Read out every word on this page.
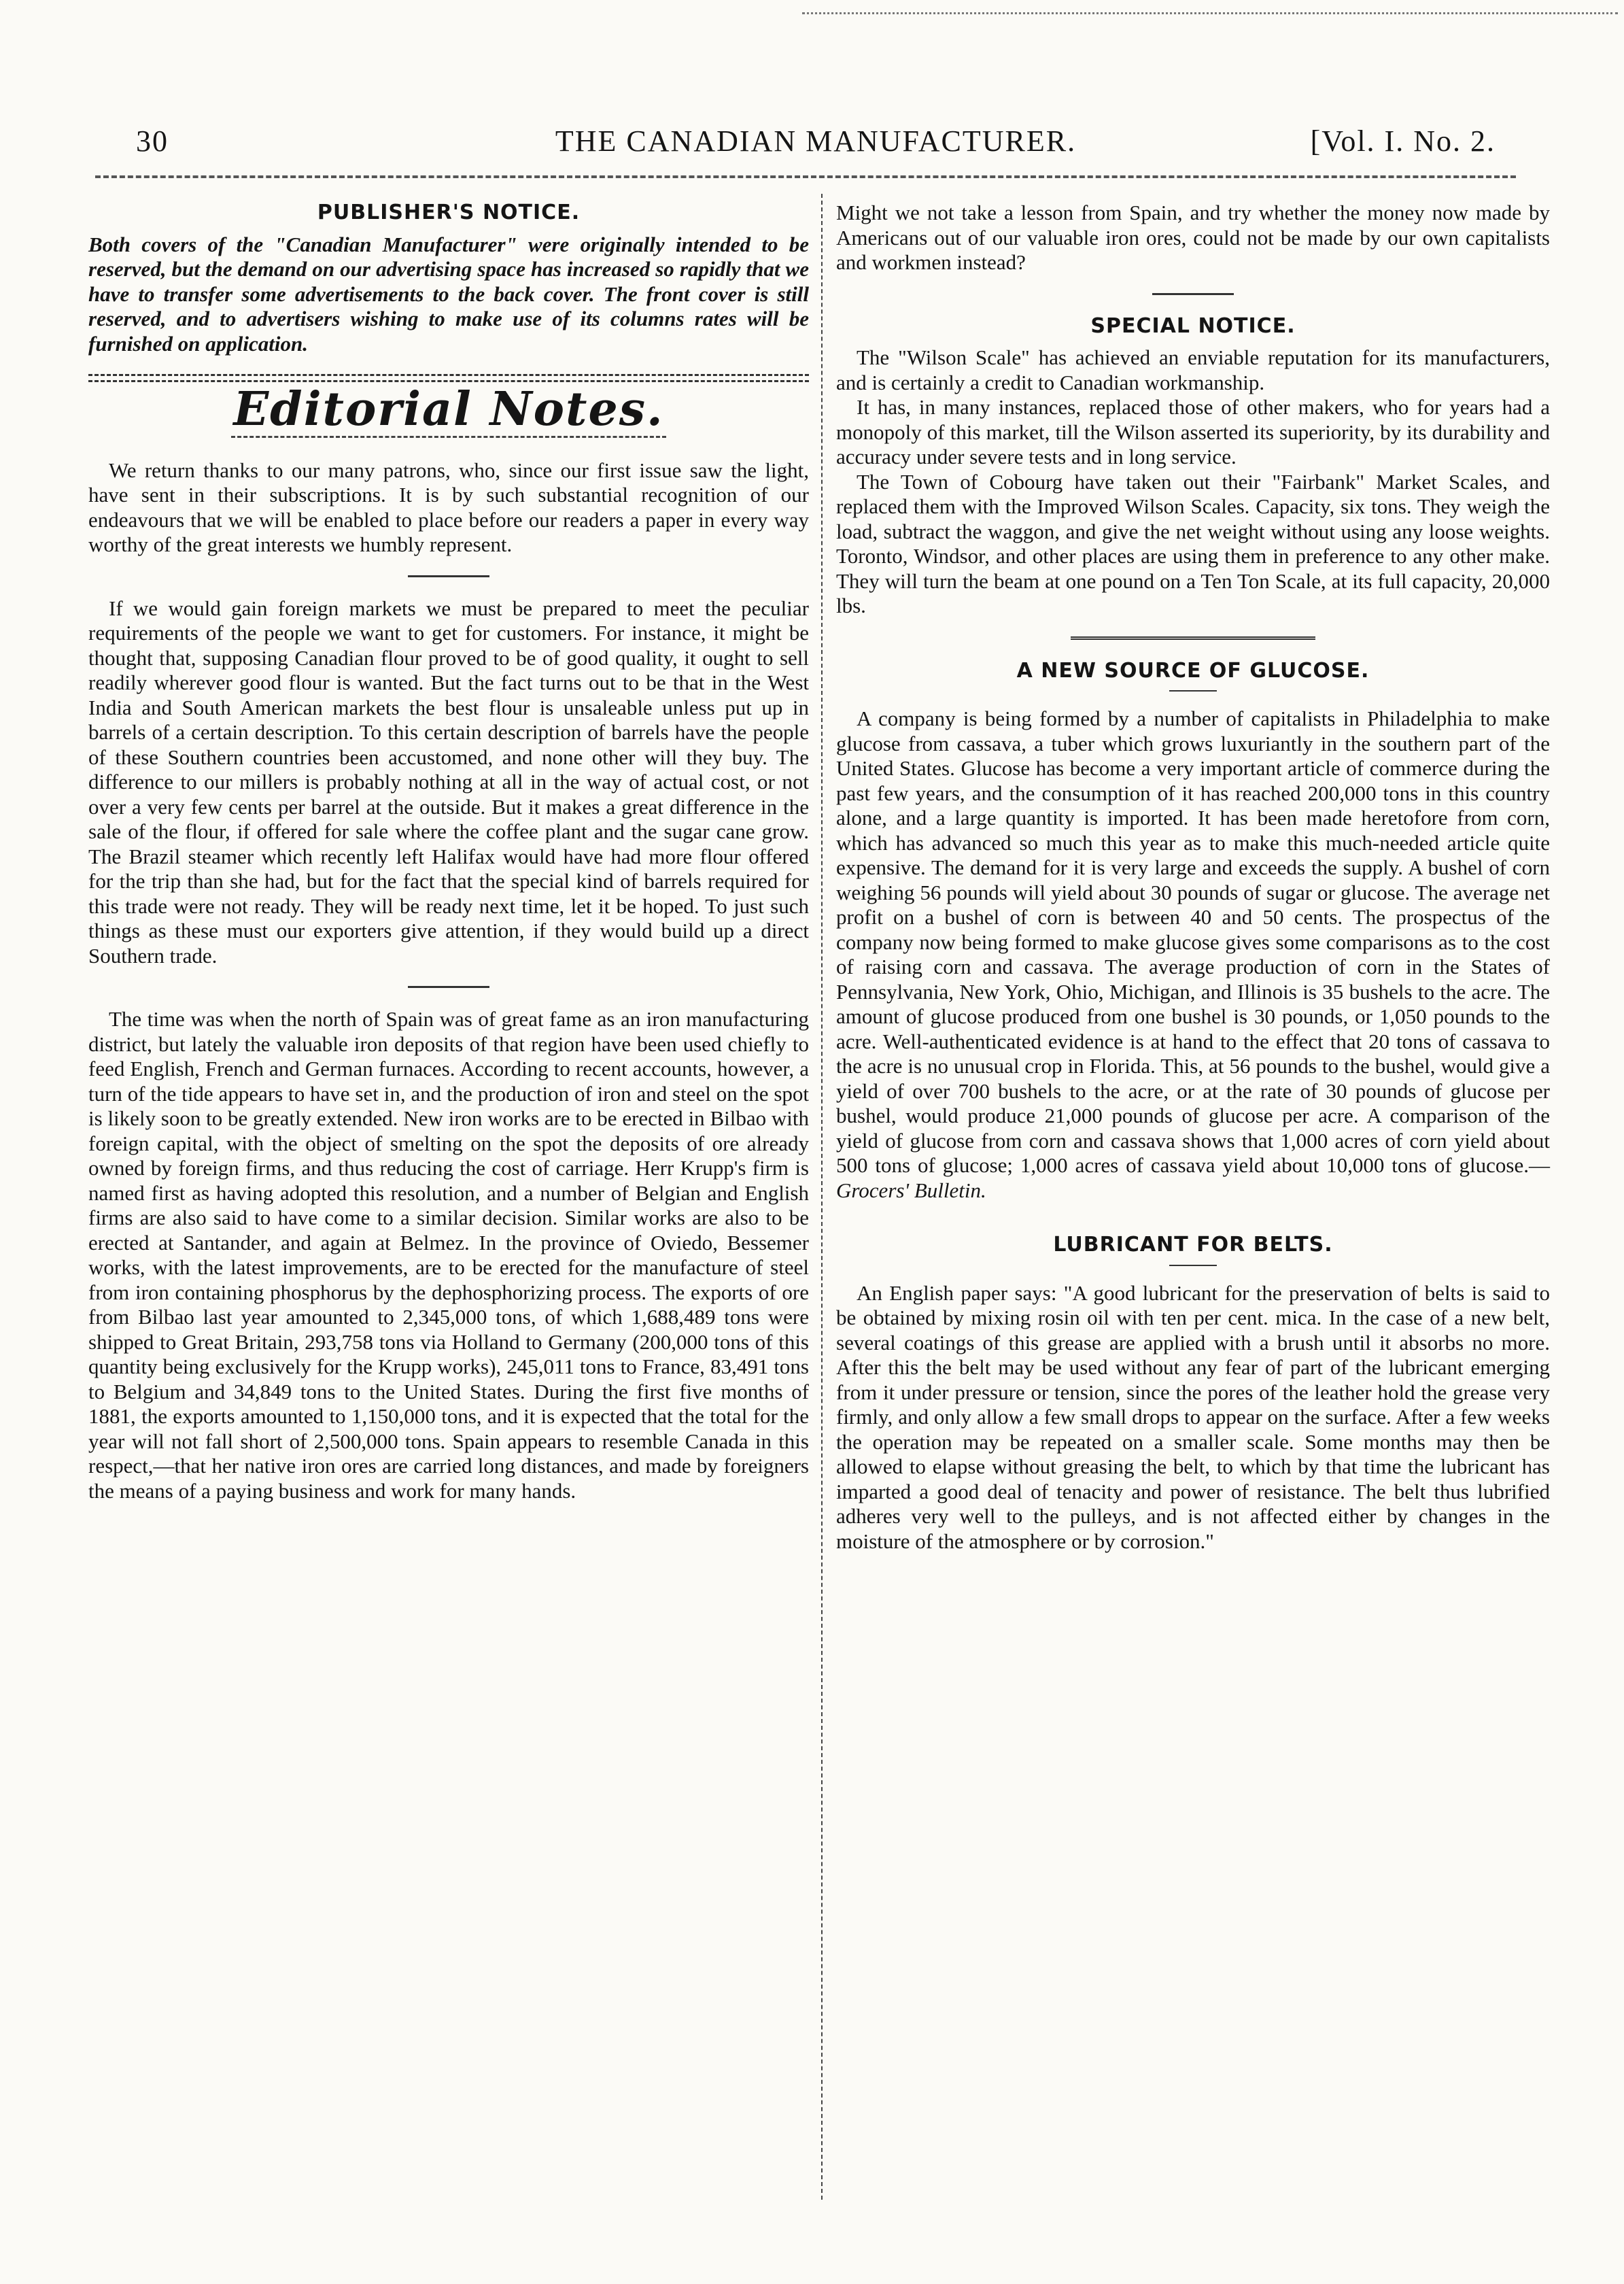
30	THE CANADIAN MANUFACTURER.	[Vol. I. No. 2.
PUBLISHER'S NOTICE.
Both covers of the "Canadian Manufacturer" were originally intended to be reserved, but the demand on our advertising space has increased so rapidly that we have to transfer some advertisements to the back cover. The front cover is still reserved, and to advertisers wishing to make use of its columns rates will be furnished on application.
Editorial Notes.

We return thanks to our many patrons, who, since our first issue saw the light, have sent in their subscriptions. It is by such substantial recognition of our endeavours that we will be enabled to place before our readers a paper in every way worthy of the great interests we humbly represent.

If we would gain foreign markets we must be prepared to meet the peculiar requirements of the people we want to get for customers. For instance, it might be thought that, supposing Canadian flour proved to be of good quality, it ought to sell readily wherever good flour is wanted. But the fact turns out to be that in the West India and South American markets the best flour is unsaleable unless put up in barrels of a certain description. To this certain description of barrels have the people of these Southern countries been accustomed, and none other will they buy. The difference to our millers is probably nothing at all in the way of actual cost, or not over a very few cents per barrel at the outside. But it makes a great difference in the sale of the flour, if offered for sale where the coffee plant and the sugar cane grow. The Brazil steamer which recently left Halifax would have had more flour offered for the trip than she had, but for the fact that the special kind of barrels required for this trade were not ready. They will be ready next time, let it be hoped. To just such things as these must our exporters give attention, if they would build up a direct Southern trade.

The time was when the north of Spain was of great fame as an iron manufacturing district, but lately the valuable iron deposits of that region have been used chiefly to feed English, French and German furnaces. According to recent accounts, however, a turn of the tide appears to have set in, and the production of iron and steel on the spot is likely soon to be greatly extended. New iron works are to be erected in Bilbao with foreign capital, with the object of smelting on the spot the deposits of ore already owned by foreign firms, and thus reducing the cost of carriage. Herr Krupp's firm is named first as having adopted this resolution, and a number of Belgian and English firms are also said to have come to a similar decision. Similar works are also to be erected at Santander, and again at Belmez. In the province of Oviedo, Bessemer works, with the latest improvements, are to be erected for the manufacture of steel from iron containing phosphorus by the dephosphorizing process. The exports of ore from Bilbao last year amounted to 2,345,000 tons, of which 1,688,489 tons were shipped to Great Britain, 293,758 tons via Holland to Germany (200,000 tons of this quantity being exclusively for the Krupp works), 245,011 tons to France, 83,491 tons to Belgium and 34,849 tons to the United States. During the first five months of 1881, the exports amounted to 1,150,000 tons, and it is expected that the total for the year will not fall short of 2,500,000 tons. Spain appears to resemble Canada in this respect,—that her native iron ores are carried long distances, and made by foreigners the means of a paying business and work for many hands.

Might we not take a lesson from Spain, and try whether the money now made by Americans out of our valuable iron ores, could not be made by our own capitalists and workmen instead?

SPECIAL NOTICE.

The "Wilson Scale" has achieved an enviable reputation for its manufacturers, and is certainly a credit to Canadian workmanship.

It has, in many instances, replaced those of other makers, who for years had a monopoly of this market, till the Wilson asserted its superiority, by its durability and accuracy under severe tests and in long service.

The Town of Cobourg have taken out their "Fairbank" Market Scales, and replaced them with the Improved Wilson Scales. Capacity, six tons. They weigh the load, subtract the waggon, and give the net weight without using any loose weights. Toronto, Windsor, and other places are using them in preference to any other make. They will turn the beam at one pound on a Ten Ton Scale, at its full capacity, 20,000 lbs.

A NEW SOURCE OF GLUCOSE.

A company is being formed by a number of capitalists in Philadelphia to make glucose from cassava, a tuber which grows luxuriantly in the southern part of the United States. Glucose has become a very important article of commerce during the past few years, and the consumption of it has reached 200,000 tons in this country alone, and a large quantity is imported. It has been made heretofore from corn, which has advanced so much this year as to make this much-needed article quite expensive. The demand for it is very large and exceeds the supply. A bushel of corn weighing 56 pounds will yield about 30 pounds of sugar or glucose. The average net profit on a bushel of corn is between 40 and 50 cents. The prospectus of the company now being formed to make glucose gives some comparisons as to the cost of raising corn and cassava. The average production of corn in the States of Pennsylvania, New York, Ohio, Michigan, and Illinois is 35 bushels to the acre. The amount of glucose produced from one bushel is 30 pounds, or 1,050 pounds to the acre. Well-authenticated evidence is at hand to the effect that 20 tons of cassava to the acre is no unusual crop in Florida. This, at 56 pounds to the bushel, would give a yield of over 700 bushels to the acre, or at the rate of 30 pounds of glucose per bushel, would produce 21,000 pounds of glucose per acre. A comparison of the yield of glucose from corn and cassava shows that 1,000 acres of corn yield about 500 tons of glucose; 1,000 acres of cassava yield about 10,000 tons of glucose.—Grocers' Bulletin.

LUBRICANT FOR BELTS.

An English paper says: "A good lubricant for the preservation of belts is said to be obtained by mixing rosin oil with ten per cent. mica. In the case of a new belt, several coatings of this grease are applied with a brush until it absorbs no more. After this the belt may be used without any fear of part of the lubricant emerging from it under pressure or tension, since the pores of the leather hold the grease very firmly, and only allow a few small drops to appear on the surface. After a few weeks the operation may be repeated on a smaller scale. Some months may then be allowed to elapse without greasing the belt, to which by that time the lubricant has imparted a good deal of tenacity and power of resistance. The belt thus lubrified adheres very well to the pulleys, and is not affected either by changes in the moisture of the atmosphere or by corrosion."
